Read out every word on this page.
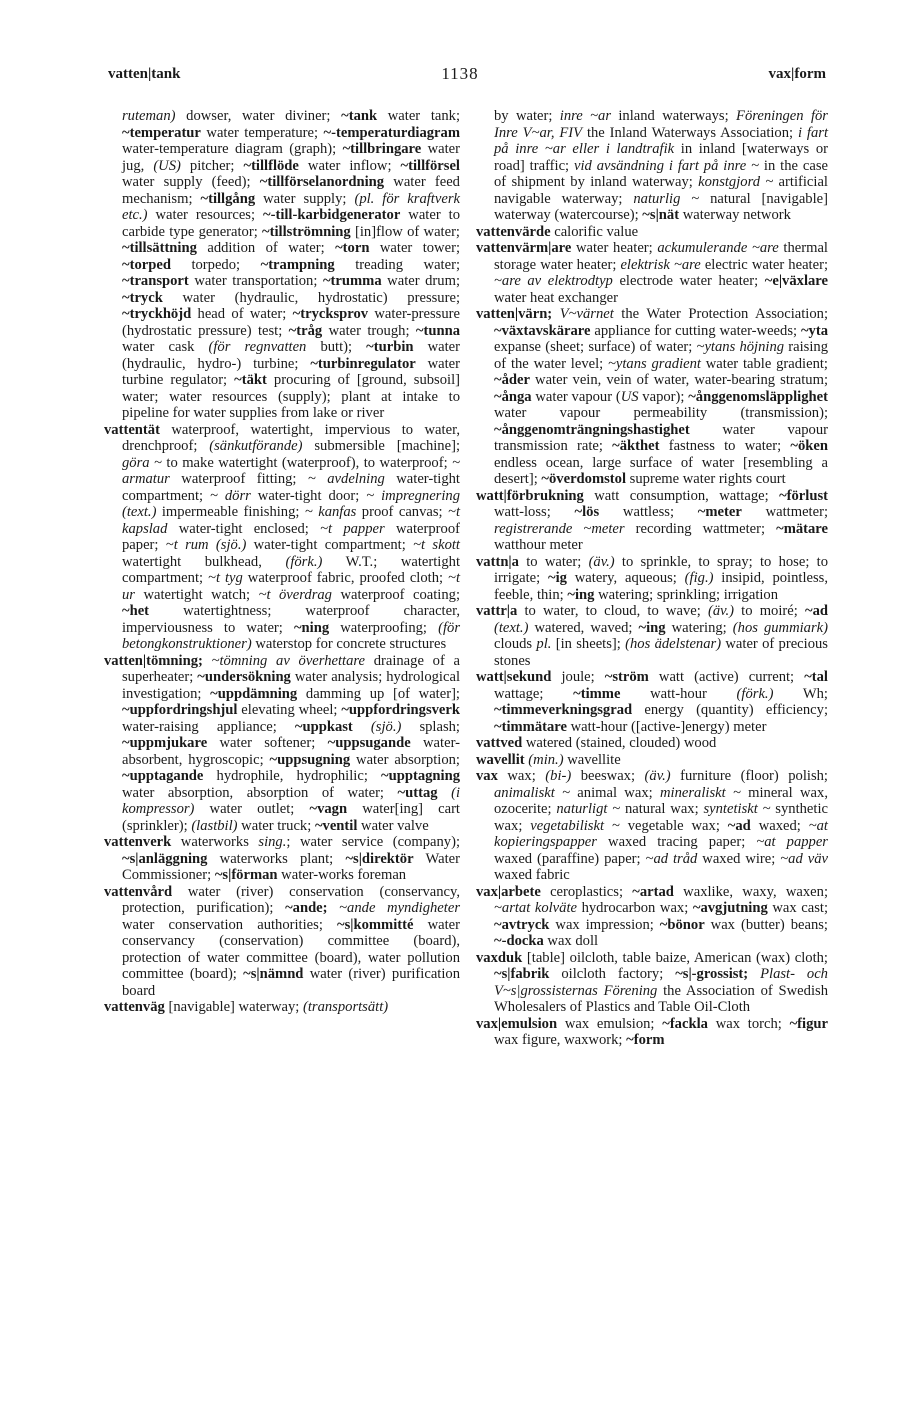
vatten|tank	1138	vax|form

ruteman) dowser, water diviner; ~tank water tank; ~temperatur water temperature; ~-temperaturdiagram water-temperature diagram (graph); ~tillbringare water jug, (US) pitcher; ~tillflöde water inflow; ~tillförsel water supply (feed); ~tillförselanordning water feed mechanism; ~tillgång water supply; (pl. för kraftverk etc.) water resources; ~-till-karbidgenerator water to carbide type generator; ~tillströmning [in]flow of water; ~tillsättning addition of water; ~torn water tower; ~torped torpedo; ~trampning treading water; ~transport water transportation; ~trumma water drum; ~tryck water (hydraulic, hydrostatic) pressure; ~tryckhöjd head of water; ~trycksprov water-pressure (hydrostatic pressure) test; ~tråg water trough; ~tunna water cask (för regnvatten butt); ~turbin water (hydraulic, hydro-) turbine; ~turbinregulator water turbine regulator; ~täkt procuring of [ground, subsoil] water; water resources (supply); plant at intake to pipeline for water supplies from lake or river

vattentät waterproof, watertight, impervious to water, drenchproof; (sänkutförande) submersible [machine]; göra ~ to make watertight (waterproof), to waterproof; ~ armatur waterproof fitting; ~ avdelning water-tight compartment; ~ dörr water-tight door; ~ impregnering (text.) impermeable finishing; ~ kanfas proof canvas; ~t kapslad water-tight enclosed; ~t papper waterproof paper; ~t rum (sjö.) water-tight compartment; ~t skott watertight bulkhead, (förk.) W.T.; watertight compartment; ~t tyg waterproof fabric, proofed cloth; ~t ur watertight watch; ~t överdrag waterproof coating; ~het watertightness; waterproof character, imperviousness to water; ~ning waterproofing; (för betongkonstruktioner) waterstop for concrete structures

vatten|tömning; ~tömning av överhettare drainage of a superheater; ~undersökning water analysis; hydrological investigation; ~uppdämning damming up [of water]; ~uppfordringshjul elevating wheel; ~uppfordringsverk water-raising appliance; ~uppkast (sjö.) splash; ~uppmjukare water softener; ~uppsugande water-absorbent, hygroscopic; ~uppsugning water absorption; ~upptagande hydrophile, hydrophilic; ~upptagning water absorption, absorption of water; ~uttag (i kompressor) water outlet; ~vagn water[ing] cart (sprinkler); (lastbil) water truck; ~ventil water valve

vattenverk waterworks sing.; water service (company); ~s|anläggning waterworks plant; ~s|direktör Water Commissioner; ~s|förman water-works foreman

vattenvård water (river) conservation (conservancy, protection, purification); ~ande; ~ande myndigheter water conservation authorities; ~s|kommitté water conservancy (conservation) committee (board), protection of water committee (board), water pollution committee (board); ~s|nämnd water (river) purification board

vattenväg [navigable] waterway; (transportsätt)

by water; inre ~ar inland waterways; Föreningen för Inre V~ar, FIV the Inland Waterways Association; i fart på inre ~ar eller i landtrafik in inland [waterways or road] traffic; vid avsändning i fart på inre ~ in the case of shipment by inland waterway; konstgjord ~ artificial navigable waterway; naturlig ~ natural [navigable] waterway (watercourse); ~s|nät waterway network

vattenvärde calorific value

vattenvärm|are water heater; ackumulerande ~are thermal storage water heater; elektrisk ~are electric water heater; ~are av elektrodtyp electrode water heater; ~e|växlare water heat exchanger

vatten|värn; V~värnet the Water Protection Association; ~växtavskärare appliance for cutting water-weeds; ~yta expanse (sheet; surface) of water; ~ytans höjning raising of the water level; ~ytans gradient water table gradient; ~åder water vein, vein of water, water-bearing stratum; ~ånga water vapour (US vapor); ~ånggenomsläpplighet water vapour permeability (transmission); ~ånggenomträngningshastighet water vapour transmission rate; ~äkthet fastness to water; ~öken endless ocean, large surface of water [resembling a desert]; ~överdomstol supreme water rights court

watt|förbrukning watt consumption, wattage; ~förlust watt-loss; ~lös wattless; ~meter wattmeter; registrerande ~meter recording wattmeter; ~mätare watthour meter

vattn|a to water; (äv.) to sprinkle, to spray; to hose; to irrigate; ~ig watery, aqueous; (fig.) insipid, pointless, feeble, thin; ~ing watering; sprinkling; irrigation

vattr|a to water, to cloud, to wave; (äv.) to moiré; ~ad (text.) watered, waved; ~ing watering; (hos gummiark) clouds pl. [in sheets]; (hos ädelstenar) water of precious stones

watt|sekund joule; ~ström watt (active) current; ~tal wattage; ~timme watt-hour (förk.) Wh; ~timmeverkningsgrad energy (quantity) efficiency; ~timmätare watt-hour ([active-]energy) meter

vattved watered (stained, clouded) wood

wavellit (min.) wavellite

vax wax; (bi-) beeswax; (äv.) furniture (floor) polish; animaliskt ~ animal wax; mineraliskt ~ mineral wax, ozocerite; naturligt ~ natural wax; syntetiskt ~ synthetic wax; vegetabiliskt ~ vegetable wax; ~ad waxed; ~at kopieringspapper waxed tracing paper; ~at papper waxed (paraffine) paper; ~ad tråd waxed wire; ~ad väv waxed fabric

vax|arbete ceroplastics; ~artad waxlike, waxy, waxen; ~artat kolväte hydrocarbon wax; ~avgjutning wax cast; ~avtryck wax impression; ~bönor wax (butter) beans; ~-docka wax doll

vaxduk [table] oilcloth, table baize, American (wax) cloth; ~s|fabrik oilcloth factory; ~s|-grossist; Plast- och V~s|grossisternas Förening the Association of Swedish Wholesalers of Plastics and Table Oil-Cloth

vax|emulsion wax emulsion; ~fackla wax torch; ~figur wax figure, waxwork; ~form
